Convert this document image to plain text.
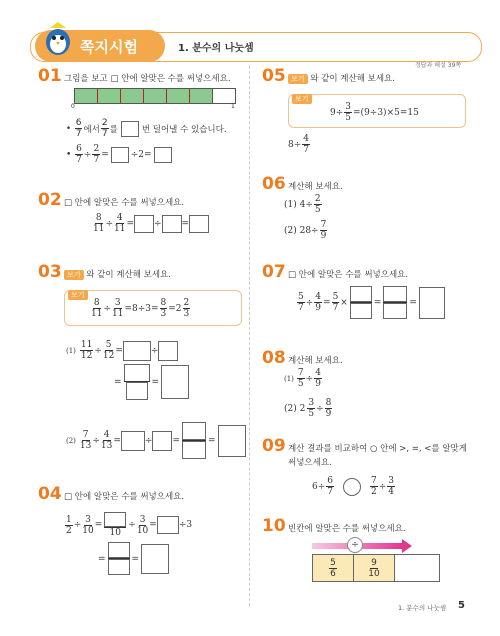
쪽지시험	1. 분수의 나눗셈
정답과 해설 39쪽
01 그림을 보고 □ 안에 알맞은 수를 써넣으세요.
0	1
• $\frac{6}{7}$ 에서 $\frac{2}{7}$ 를	번 덜어낼 수 있습니다.
• $\frac{6}{7} \div \frac{2}{7} = \div 2=$
02 □ 안에 알맞은 수를 써넣으세요.
$\frac{8}{11} \div \frac{4}{11}$ =
÷
=
03 보기 와 같이 계산해 보세요.
보기
$\frac{8}{11} \div \frac{3}{11} =8\div 3= \frac{8}{3} =2 \frac{2}{3}$
$(1) \frac{11}{12} \div \frac{5}{12}$ =	÷
=	=
$(2) \frac{7}{13} \div \frac{4}{13}$ =	÷
=	=
04 □ 안에 알맞은 수를 써넣으세요.
$\frac{1}{2} \div \frac{3}{10}$ =
10
÷ $\frac{3}{10} = \div 3$
=	=
05 보기 와 같이 계산해 보세요.
보기
$9\div \frac{3}{5} =(9\div 3)\times 5=15$
$8\div \frac{4}{7}$
06 계산해 보세요.
(1) $4\div \frac{2}{5}$
(2) $28\div \frac{7}{9}$
07 □ 안에 알맞은 수를 써넣으세요.
$\frac{5}{7} \div \frac{4}{9} = \frac{5}{7}$ ×	=	=
08 계산해 보세요.
$(1) \frac{7}{5} \div \frac{4}{9}$
(2) $2 \frac{3}{5} \div \frac{8}{9}$
09 계산 결과를 비교하여 ○ 안에 >, =, <를 알맞게
써넣으세요.
$6\div \frac{6}{7}$	$\frac{7}{2} \div \frac{3}{4}$
10 빈칸에 알맞은 수를 써넣으세요.
÷
$\frac{5}{6}$	$\frac{9}{10}$
1. 분수의 나눗셈 5
